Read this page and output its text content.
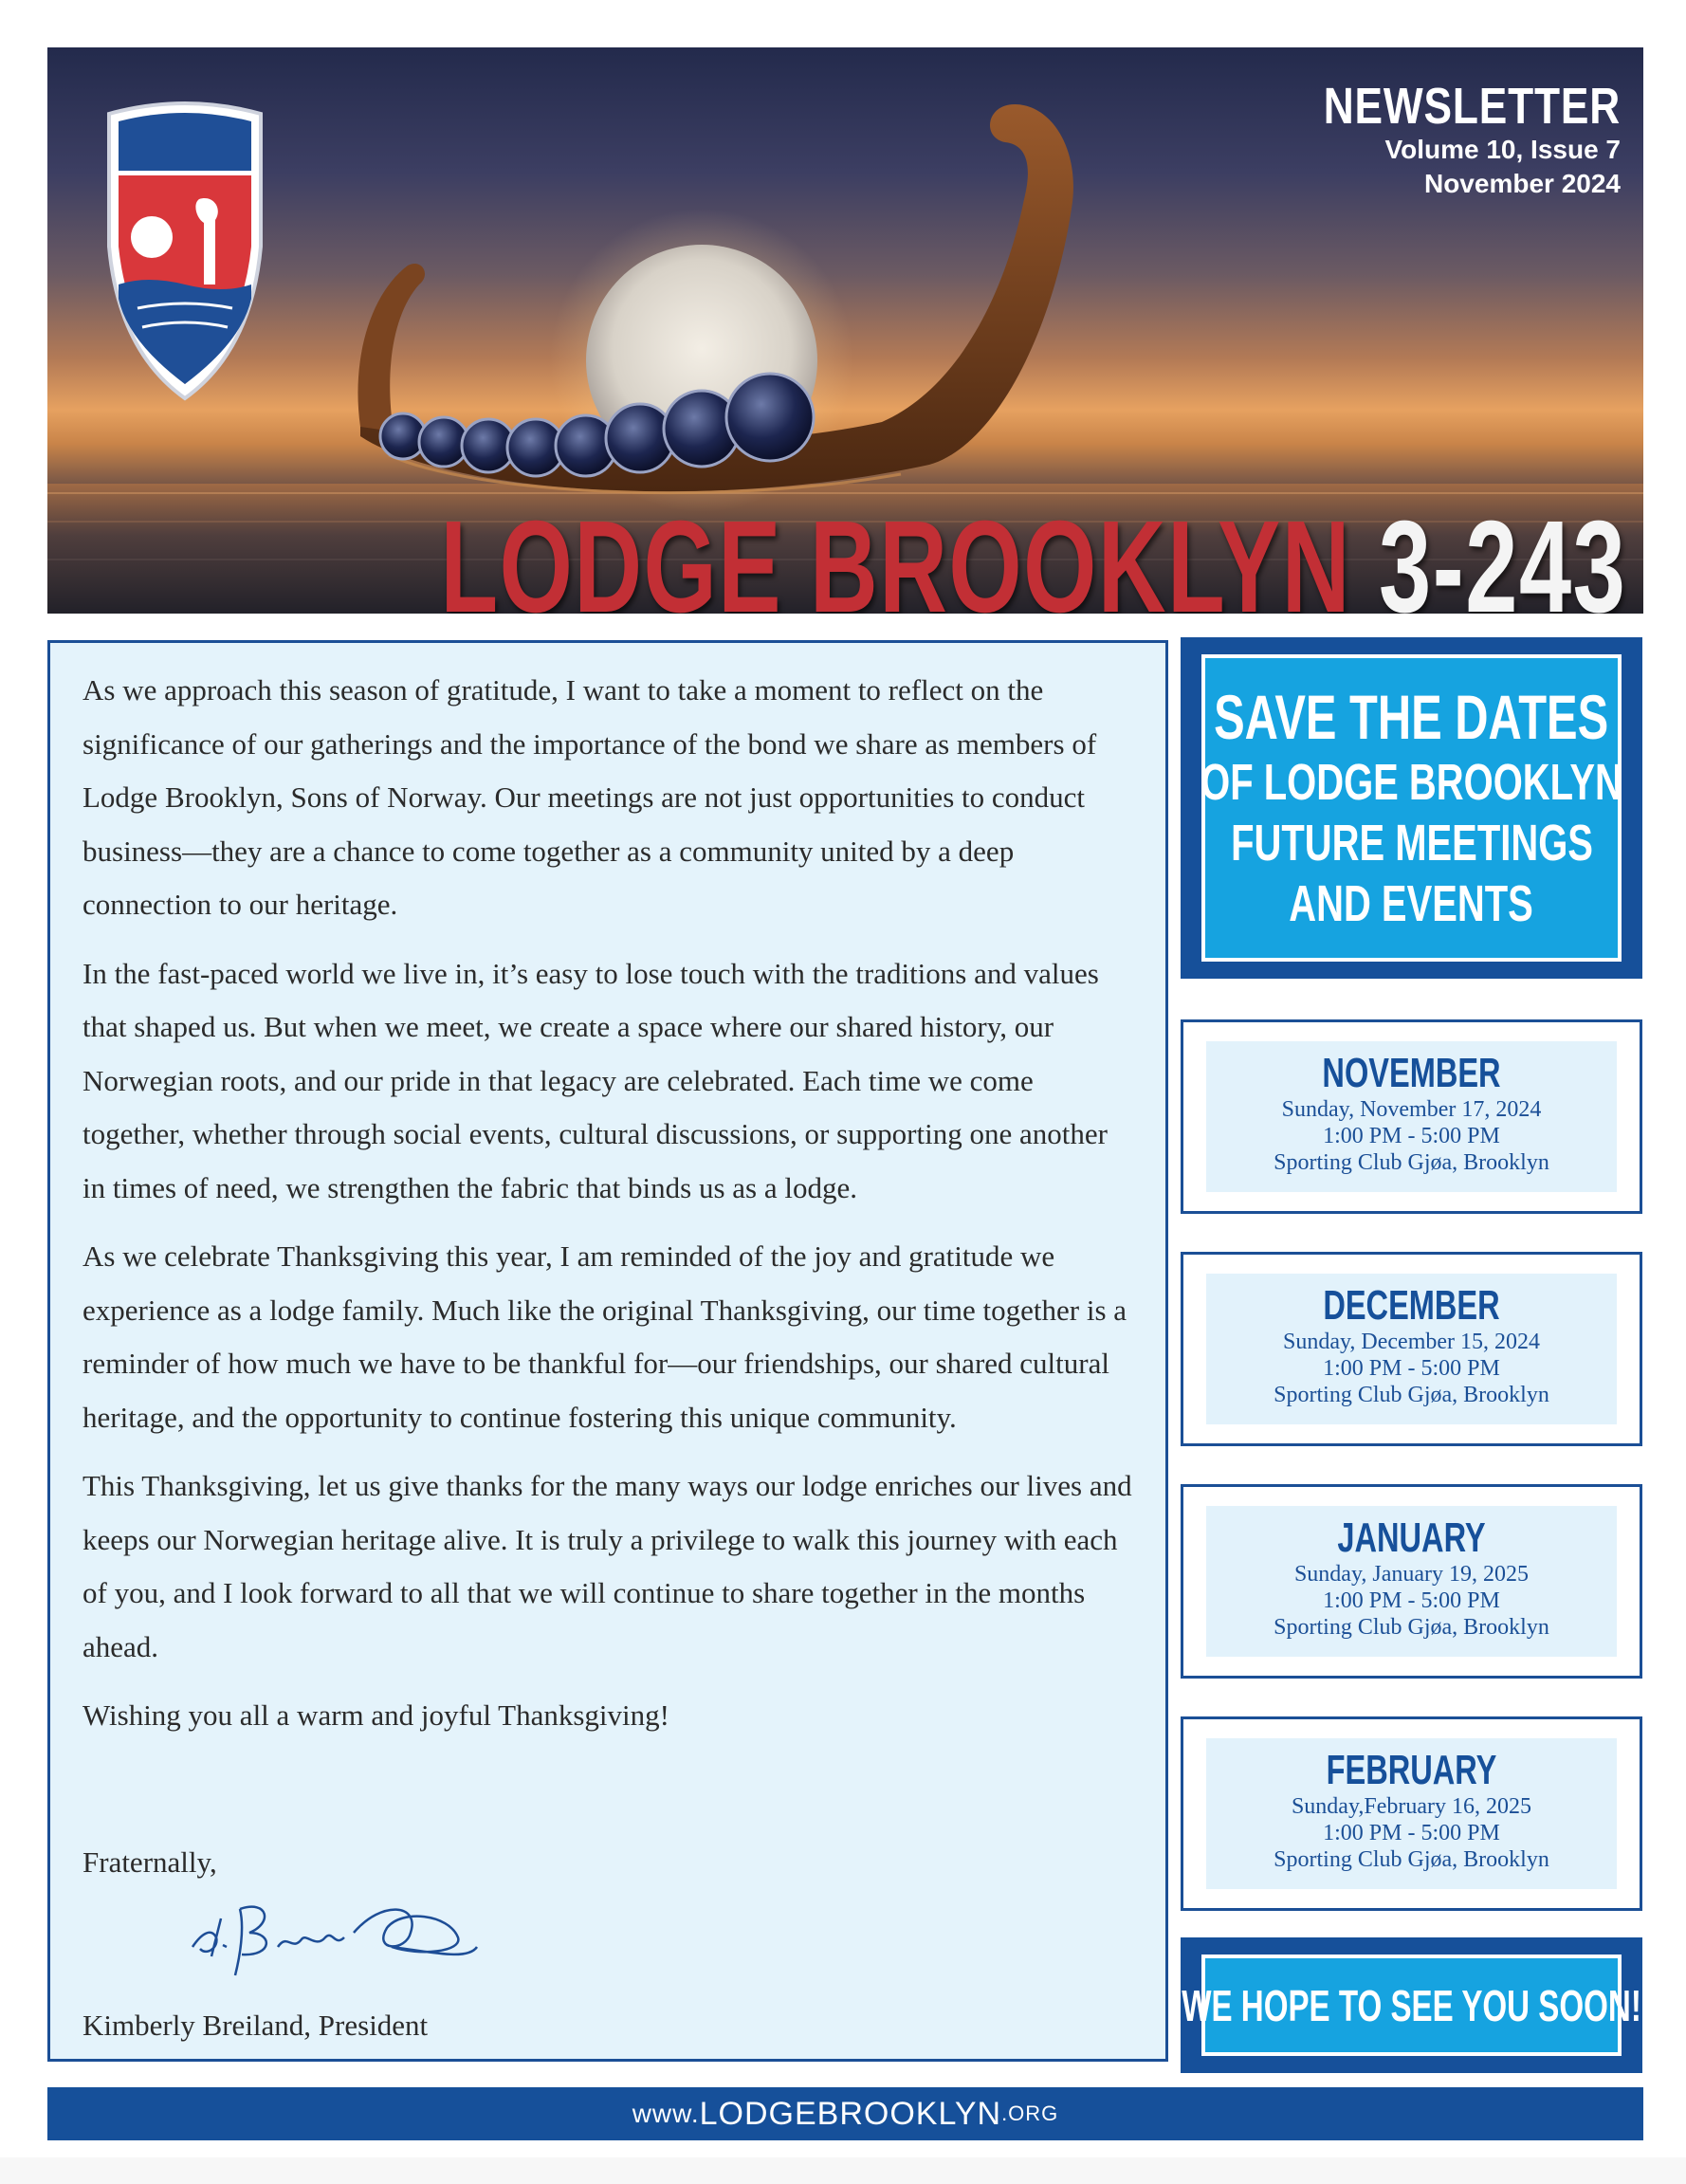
NEWSLETTER
Volume 10, Issue 7
November 2024
LODGE BROOKLYN 3-243

As we approach this season of gratitude, I want to take a moment to reflect on the significance of our gatherings and the importance of the bond we share as members of Lodge Brooklyn, Sons of Norway. Our meetings are not just opportunities to conduct business—they are a chance to come together as a community united by a deep connection to our heritage.

In the fast-paced world we live in, it’s easy to lose touch with the traditions and values that shaped us. But when we meet, we create a space where our shared history, our Norwegian roots, and our pride in that legacy are celebrated. Each time we come together, whether through social events, cultural discussions, or supporting one another in times of need, we strengthen the fabric that binds us as a lodge.

As we celebrate Thanksgiving this year, I am reminded of the joy and gratitude we experience as a lodge family. Much like the original Thanksgiving, our time together is a reminder of how much we have to be thankful for—our friendships, our shared cultural heritage, and the opportunity to continue fostering this unique community.

This Thanksgiving, let us give thanks for the many ways our lodge enriches our lives and keeps our Norwegian heritage alive. It is truly a privilege to walk this journey with each of you, and I look forward to all that we will continue to share together in the months ahead.

Wishing you all a warm and joyful Thanksgiving!

Fraternally,
Kimberly Breiland, President
SAVE THE DATES
OF LODGE BROOKLYN
FUTURE MEETINGS
AND EVENTS
NOVEMBER
Sunday, November 17, 2024
1:00 PM - 5:00 PM
Sporting Club Gjøa, Brooklyn
DECEMBER
Sunday, December 15, 2024
1:00 PM - 5:00 PM
Sporting Club Gjøa, Brooklyn
JANUARY
Sunday, January 19, 2025
1:00 PM - 5:00 PM
Sporting Club Gjøa, Brooklyn
FEBRUARY
Sunday,February 16, 2025
1:00 PM - 5:00 PM
Sporting Club Gjøa, Brooklyn
WE HOPE TO SEE YOU SOON!
www. LODGEBROOKLYN .ORG
